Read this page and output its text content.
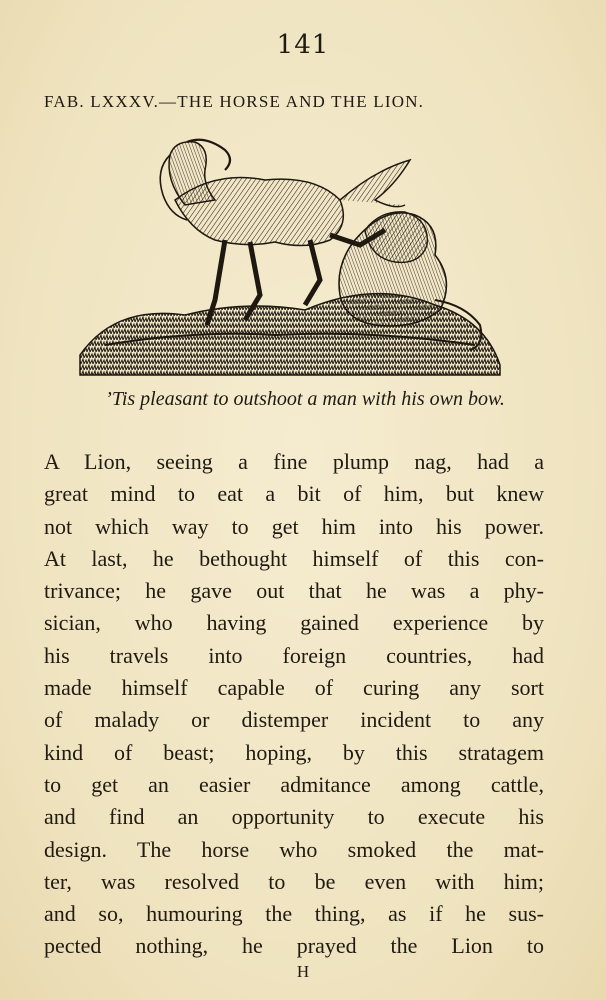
141
FAB. LXXXV.—THE HORSE AND THE LION.
’Tis pleasant to outshoot a man with his own bow.
A Lion, seeing a fine plump nag, had a
great mind to eat a bit of him, but knew
not which way to get him into his power.
At last, he bethought himself of this con-
trivance; he gave out that he was a phy-
sician, who having gained experience by
his travels into foreign countries, had
made himself capable of curing any sort
of malady or distemper incident to any
kind of beast; hoping, by this stratagem
to get an easier admitance among cattle,
and find an opportunity to execute his
design. The horse who smoked the mat-
ter, was resolved to be even with him;
and so, humouring the thing, as if he sus-
pected nothing, he prayed the Lion to
H
